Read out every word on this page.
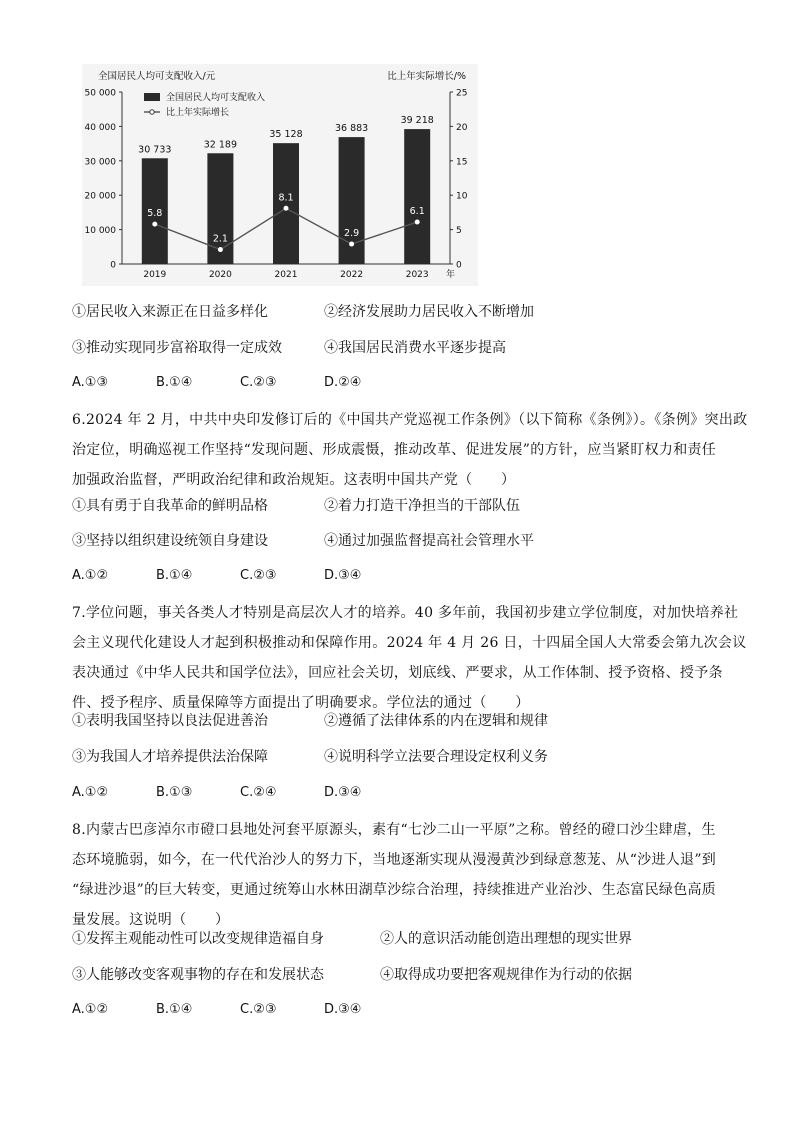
全国居民人均可支配收入/元	比上年实际增长/%
0
10 000
20 000
30 000
40 000
50 000
0
5
10
15
20
25
30 733
2019
32 189
2020
35 128
2021
36 883
2022
39 218
2023 年
5.8
2.1
8.1
2.9
6.1
全国居民人均可支配收入
比上年实际增长
①居民收入来源正在日益多样化	②经济发展助力居民收入不断增加
③推动实现同步富裕取得一定成效	④我国居民消费水平逐步提高
A.①③	B.①④	C.②③	D.②④
6.2024 年 2 月，中共中央印发修订后的《中国共产党巡视工作条例》（以下简称《条例》）。《条例》突出政
治定位，明确巡视工作坚持“发现问题、形成震慑，推动改革、促进发展”的方针，应当紧盯权力和责任
加强政治监督，严明政治纪律和政治规矩。这表明中国共产党（　　）
①具有勇于自我革命的鲜明品格	②着力打造干净担当的干部队伍
③坚持以组织建设统领自身建设	④通过加强监督提高社会管理水平
A.①②	B.①④	C.②③	D.③④
7.学位问题，事关各类人才特别是高层次人才的培养。40 多年前，我国初步建立学位制度，对加快培养社
会主义现代化建设人才起到积极推动和保障作用。2024 年 4 月 26 日，十四届全国人大常委会第九次会议
表决通过《中华人民共和国学位法》，回应社会关切，划底线、严要求，从工作体制、授予资格、授予条
件、授予程序、质量保障等方面提出了明确要求。学位法的通过（　　）
①表明我国坚持以良法促进善治	②遵循了法律体系的内在逻辑和规律
③为我国人才培养提供法治保障	④说明科学立法要合理设定权利义务
A.①②	B.①③	C.②④	D.③④
8.内蒙古巴彦淖尔市磴口县地处河套平原源头，素有“七沙二山一平原”之称。曾经的磴口沙尘肆虐，生
态环境脆弱，如今，在一代代治沙人的努力下，当地逐渐实现从漫漫黄沙到绿意葱茏、从“沙进人退”到
“绿进沙退”的巨大转变，更通过统筹山水林田湖草沙综合治理，持续推进产业治沙、生态富民绿色高质
量发展。这说明（　　）
①发挥主观能动性可以改变规律造福自身	②人的意识活动能创造出理想的现实世界
③人能够改变客观事物的存在和发展状态	④取得成功要把客观规律作为行动的依据
A.①②	B.①④	C.②③	D.③④
